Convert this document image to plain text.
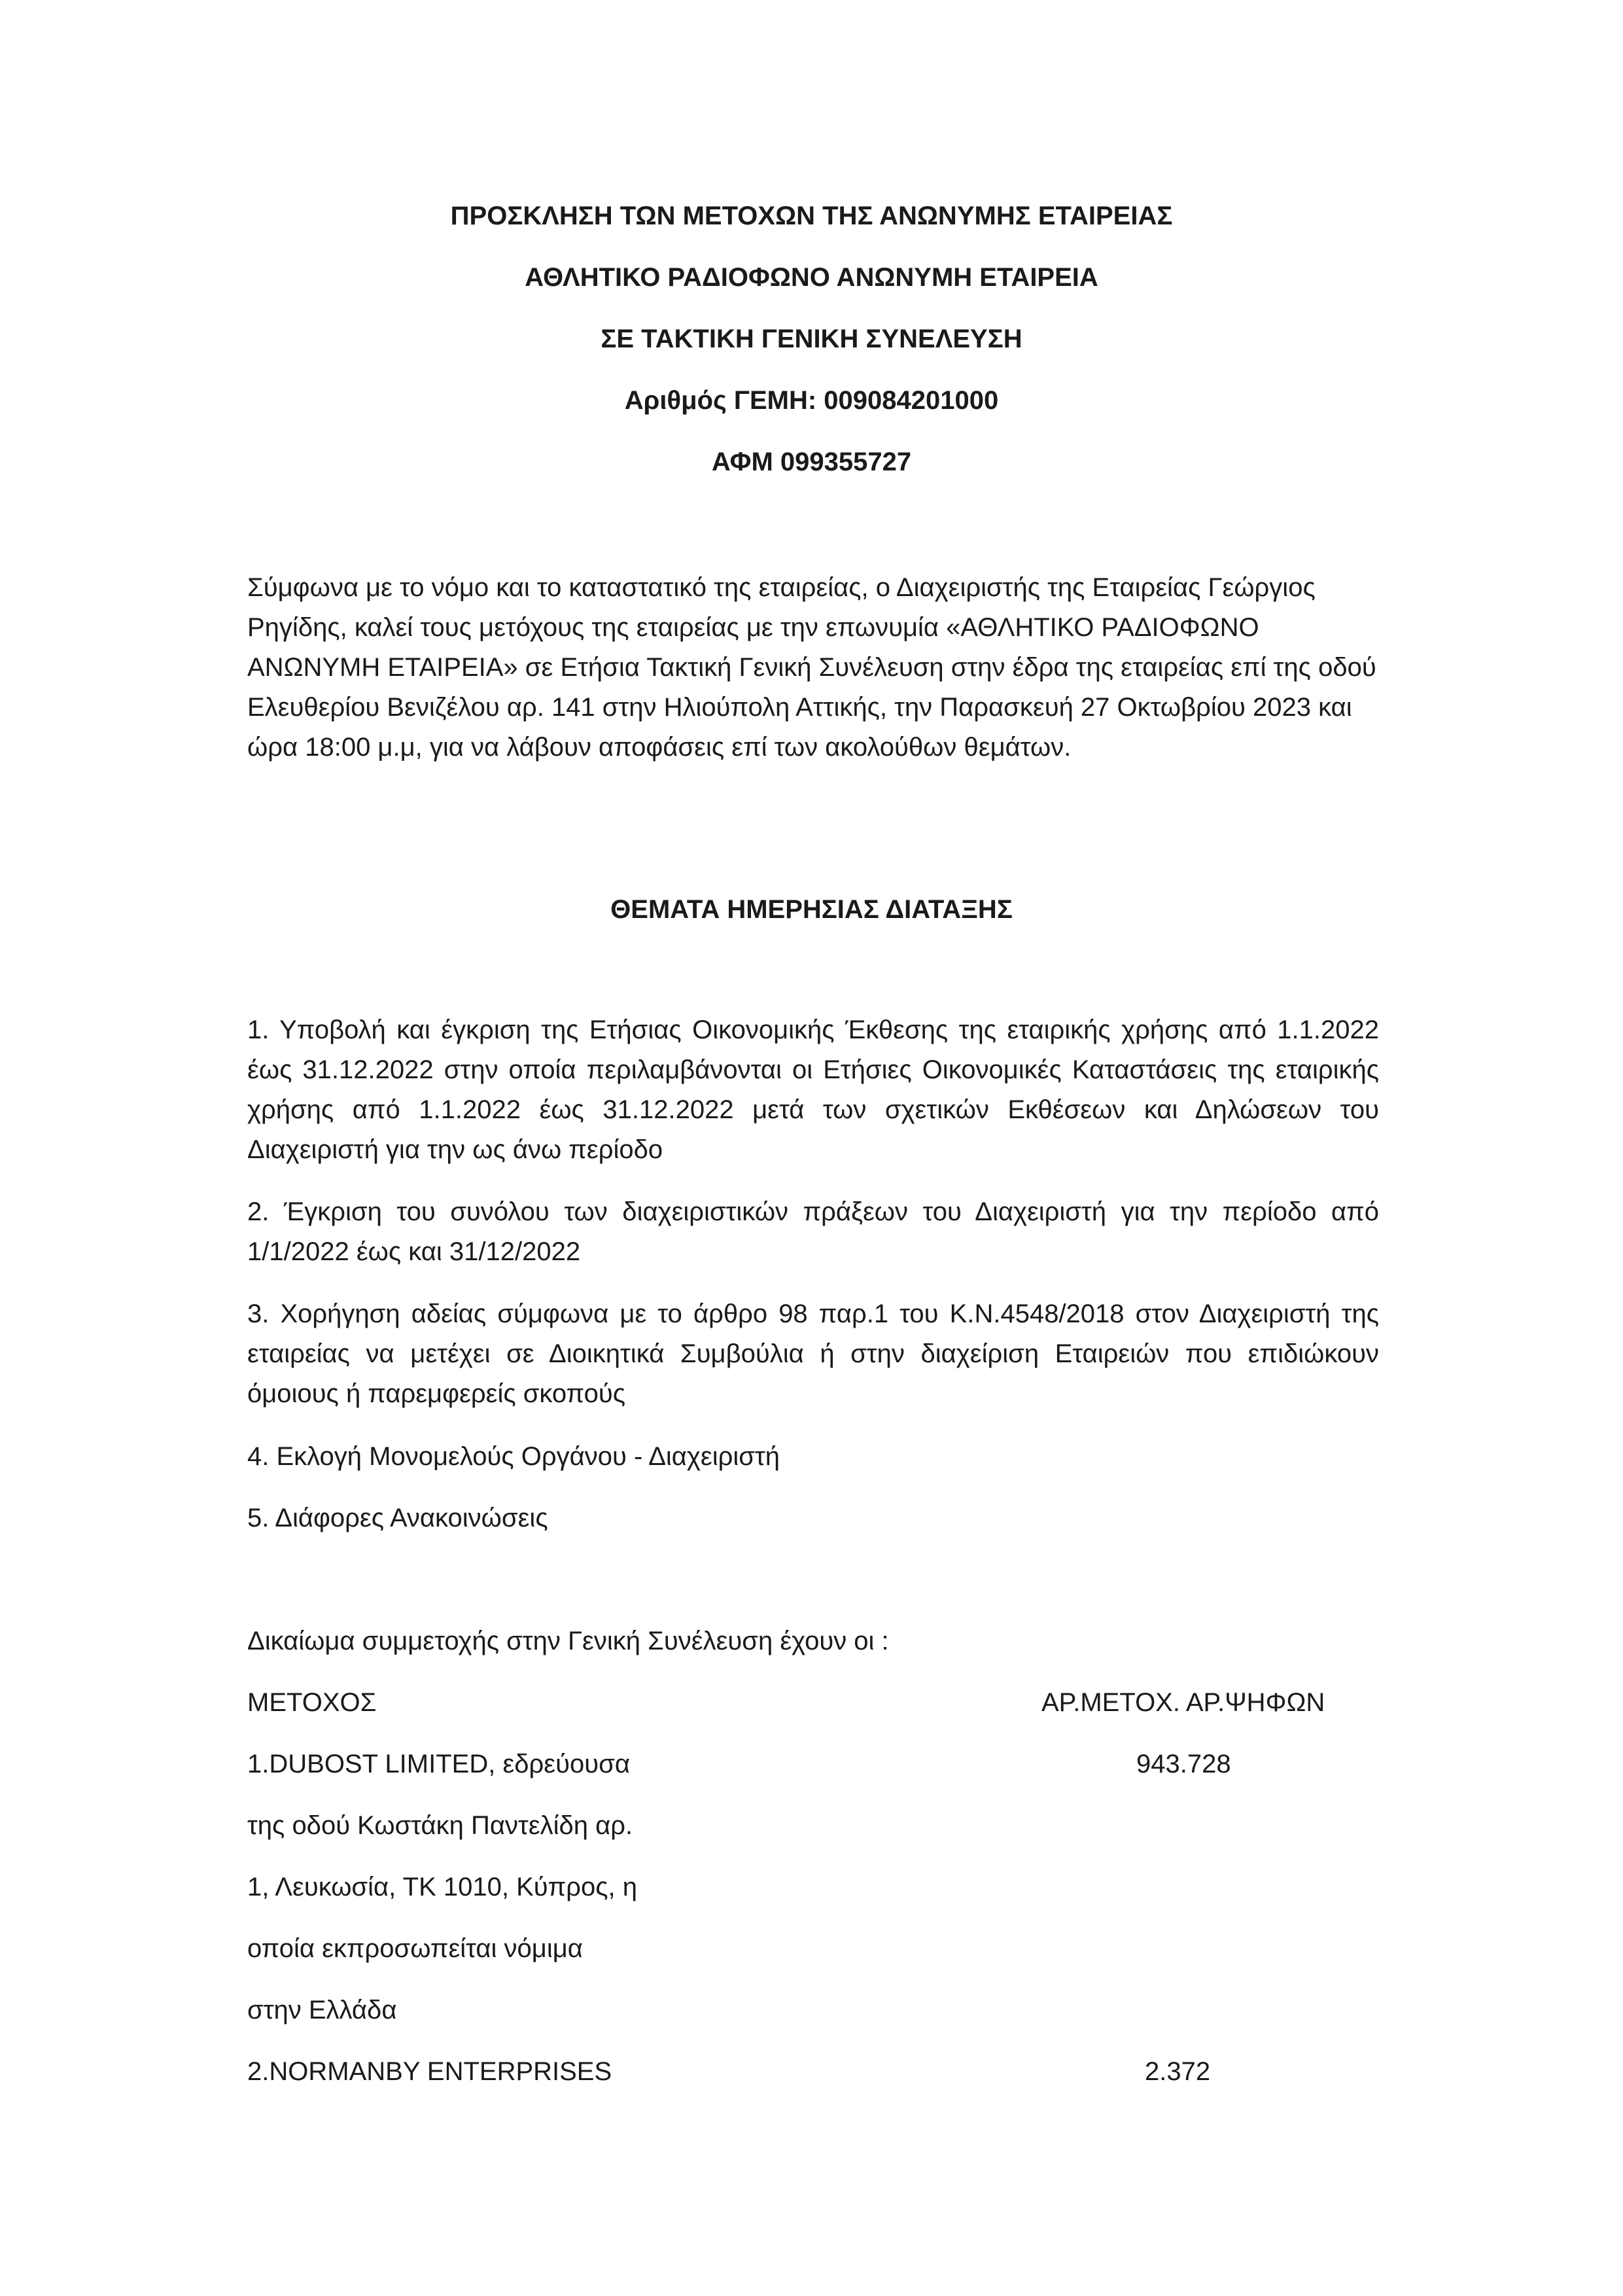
ΠΡΟΣΚΛΗΣΗ ΤΩΝ ΜΕΤΟΧΩΝ ΤΗΣ ΑΝΩΝΥΜΗΣ ΕΤΑΙΡΕΙΑΣ
ΑΘΛΗΤΙΚΟ ΡΑΔΙΟΦΩΝΟ ΑΝΩΝΥΜΗ ΕΤΑΙΡΕΙΑ
ΣΕ ΤΑΚΤΙΚΗ ΓΕΝΙΚΗ ΣΥΝΕΛΕΥΣΗ
Αριθμός ΓΕΜΗ: 009084201000
ΑΦΜ 099355727
Σύμφωνα με το νόμο και το καταστατικό της εταιρείας, ο Διαχειριστής της Εταιρείας Γεώργιος Ρηγίδης, καλεί τους μετόχους της εταιρείας με την επωνυμία «ΑΘΛΗΤΙΚΟ ΡΑΔΙΟΦΩΝΟ ΑΝΩΝΥΜΗ ΕΤΑΙΡΕΙΑ» σε Ετήσια Τακτική Γενική Συνέλευση στην έδρα της εταιρείας επί της οδού Ελευθερίου Βενιζέλου αρ. 141 στην Ηλιούπολη Αττικής, την Παρασκευή 27 Οκτωβρίου 2023 και ώρα 18:00 μ.μ, για να λάβουν αποφάσεις επί των ακολούθων θεμάτων.
ΘΕΜΑΤΑ ΗΜΕΡΗΣΙΑΣ ΔΙΑΤΑΞΗΣ
1. Υποβολή και έγκριση της Ετήσιας Οικονομικής Έκθεσης της εταιρικής χρήσης από 1.1.2022 έως 31.12.2022 στην οποία περιλαμβάνονται οι Ετήσιες Οικονομικές Καταστάσεις της εταιρικής χρήσης από 1.1.2022 έως 31.12.2022 μετά των σχετικών Εκθέσεων και Δηλώσεων του Διαχειριστή για την ως άνω περίοδο
2. Έγκριση του συνόλου των διαχειριστικών πράξεων του Διαχειριστή για την περίοδο από 1/1/2022 έως και 31/12/2022
3. Χορήγηση αδείας σύμφωνα με το άρθρο 98 παρ.1 του Κ.Ν.4548/2018 στον Διαχειριστή της εταιρείας να μετέχει σε Διοικητικά Συμβούλια ή στην διαχείριση Εταιρειών που επιδιώκουν όμοιους ή παρεμφερείς σκοπούς
4. Εκλογή Μονομελούς Οργάνου - Διαχειριστή
5. Διάφορες Ανακοινώσεις
Δικαίωμα συμμετοχής στην Γενική Συνέλευση έχουν οι :
ΜΕΤΟΧΟΣ	ΑΡ.ΜΕΤΟΧ. ΑΡ.ΨΗΦΩΝ
1.DUBOST LIMITED, εδρεύουσα	943.728
της οδού Κωστάκη Παντελίδη αρ.
1, Λευκωσία, ΤΚ 1010, Κύπρος, η
οποία εκπροσωπείται νόμιμα
στην Ελλάδα
2.NORMANBY ENTERPRISES	2.372
